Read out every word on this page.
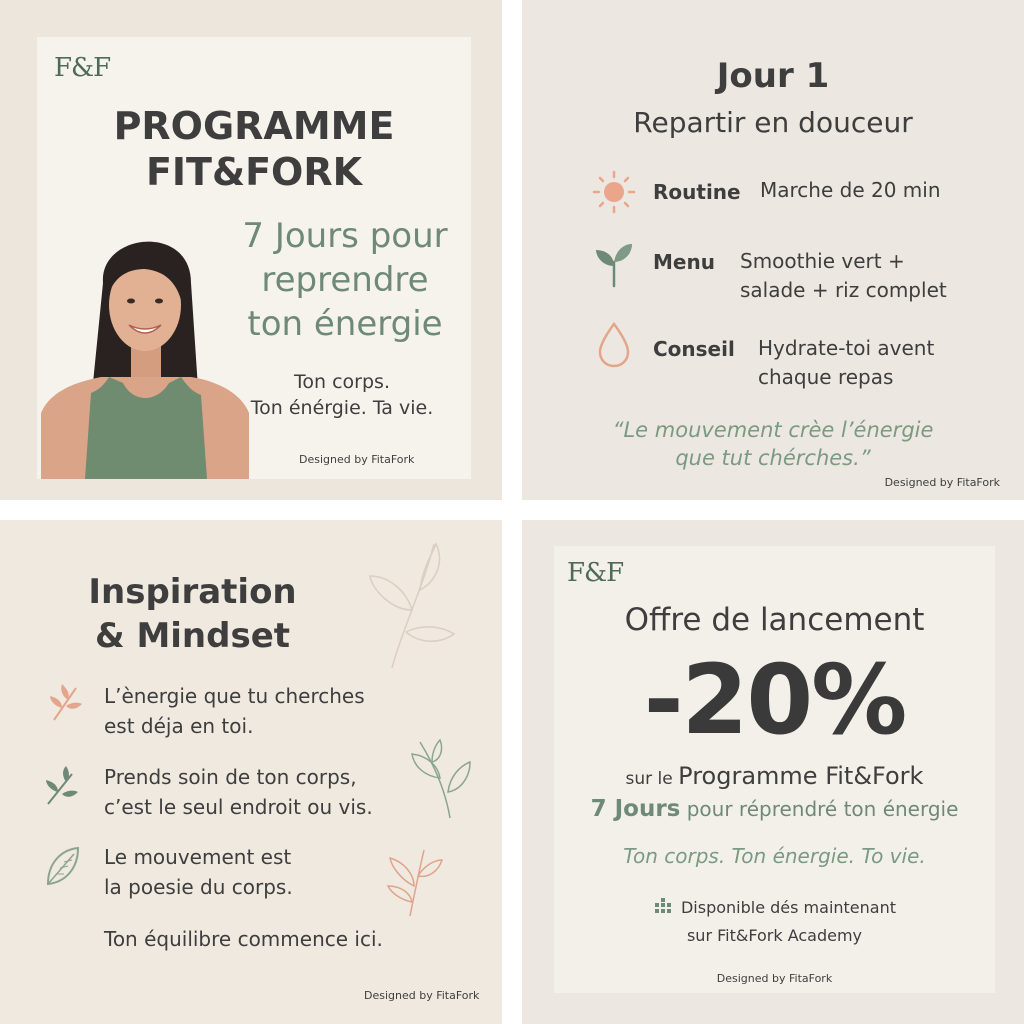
F&F
PROGRAMME
FIT&FORK
7 Jours pour
reprendre
ton énergie
Ton corps.
Ton énérgie. Ta vie.
Designed by FitaFork
Jour 1
Repartir en douceur
Routine Marche de 20 min
Menu Smoothie vert +
salade + riz complet
Conseil Hydrate-toi avent
chaque repas
“Le mouvement crèe l’énergie
que tut chérches.”
Designed by FitaFork
Inspiration
& Mindset
L’ènergie que tu cherches
est déja en toi.
Prends soin de ton corps,
c’est le seul endroit ou vis.
Le mouvement est
la poesie du corps.
Ton équilibre commence ici.
Designed by FitaFork
F&F
Offre de lancement
-20%
sur le Programme Fit&Fork
7 Jours pour réprendré ton énergie
Ton corps. Ton énergie. To vie.
Disponible dés maintenant
sur Fit&Fork Academy
Designed by FitaFork
